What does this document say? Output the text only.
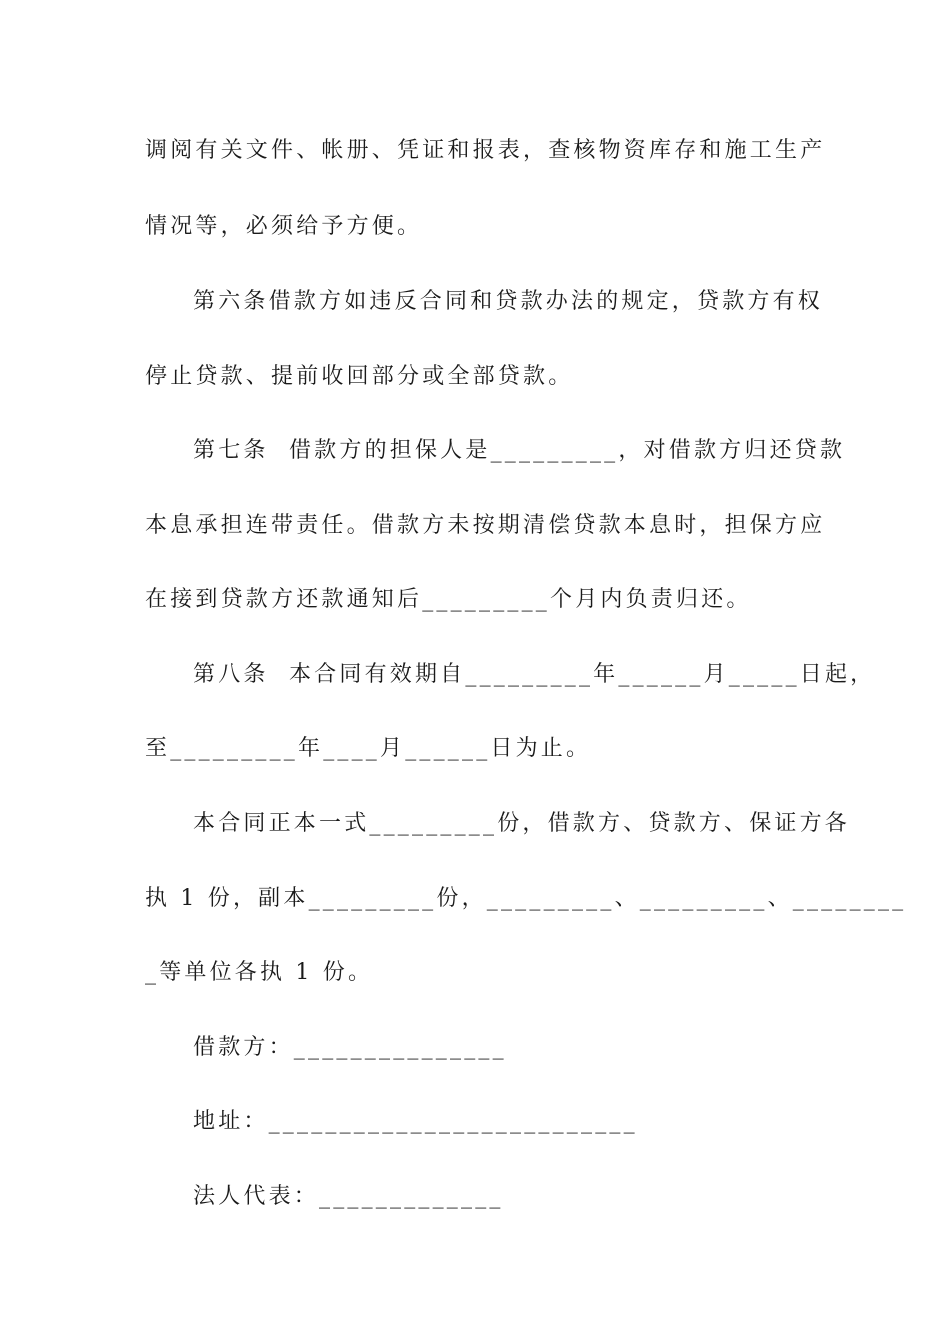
调阅有关文件、帐册、凭证和报表，查核物资库存和施工生产
情况等，必须给予方便。
第六条借款方如违反合同和贷款办法的规定，贷款方有权
停止贷款、提前收回部分或全部贷款。
第七条  借款方的担保人是_________，对借款方归还贷款
本息承担连带责任。借款方未按期清偿贷款本息时，担保方应
在接到贷款方还款通知后_________个月内负责归还。
第八条  本合同有效期自_________年______月_____日起，
至_________年____月______日为止。
本合同正本一式_________份，借款方、贷款方、保证方各
执 1 份，副本_________份，_________、_________、________
_等单位各执 1 份。
借款方：_______________
地址：__________________________
法人代表：_____________
